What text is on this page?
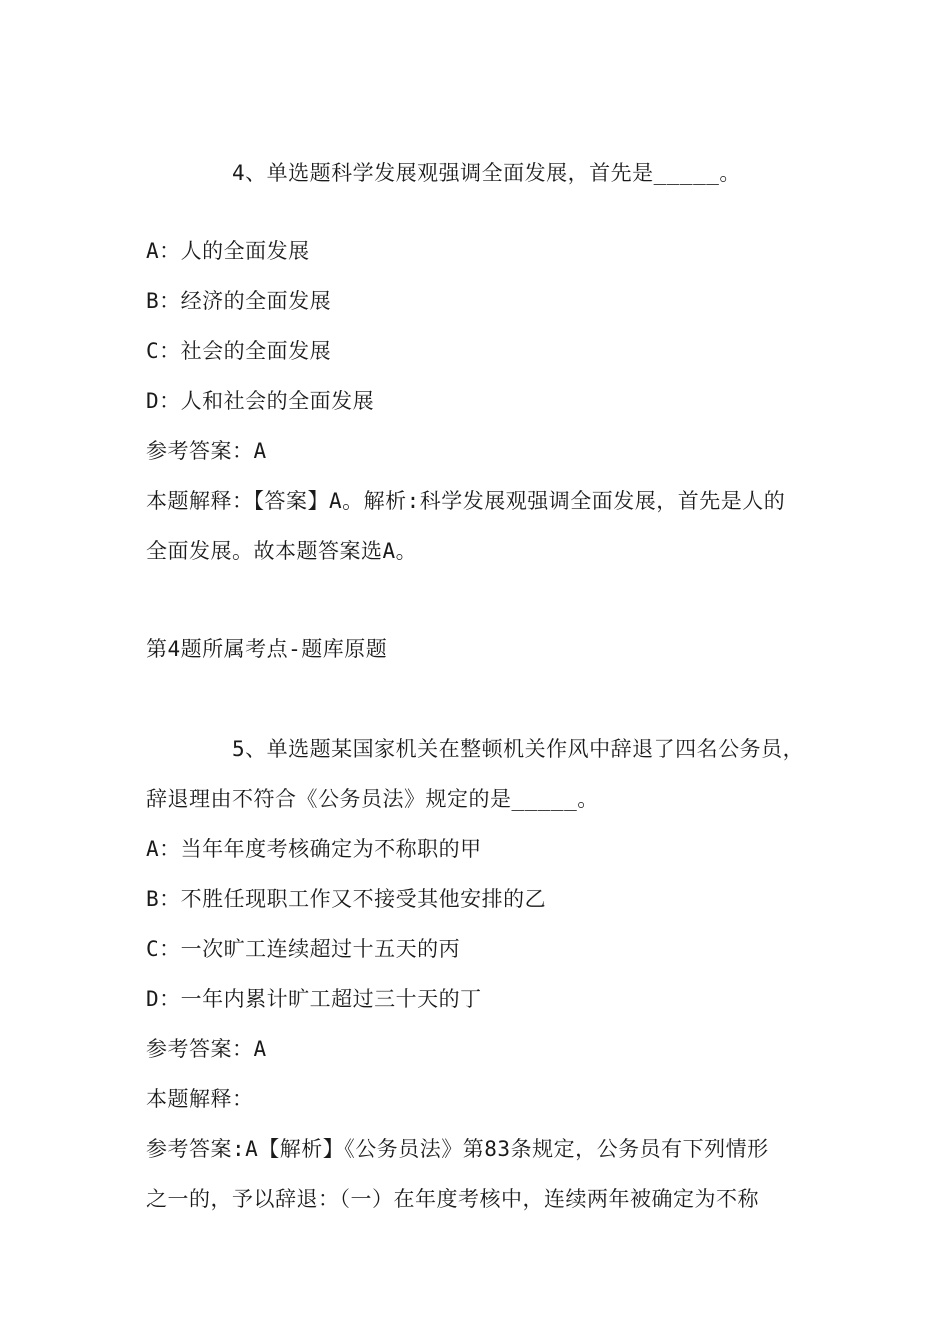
4、单选题科学发展观强调全面发展，首先是_____。
A：人的全面发展
B：经济的全面发展
C：社会的全面发展
D：人和社会的全面发展
参考答案：A
本题解释：【答案】A。解析:科学发展观强调全面发展，首先是人的
全面发展。故本题答案选A。
第4题所属考点-题库原题
5、单选题某国家机关在整顿机关作风中辞退了四名公务员，
辞退理由不符合《公务员法》规定的是_____。
A：当年年度考核确定为不称职的甲
B：不胜任现职工作又不接受其他安排的乙
C：一次旷工连续超过十五天的丙
D：一年内累计旷工超过三十天的丁
参考答案：A
本题解释：
参考答案:A【解析】《公务员法》第83条规定，公务员有下列情形
之一的，予以辞退：（一）在年度考核中，连续两年被确定为不称
